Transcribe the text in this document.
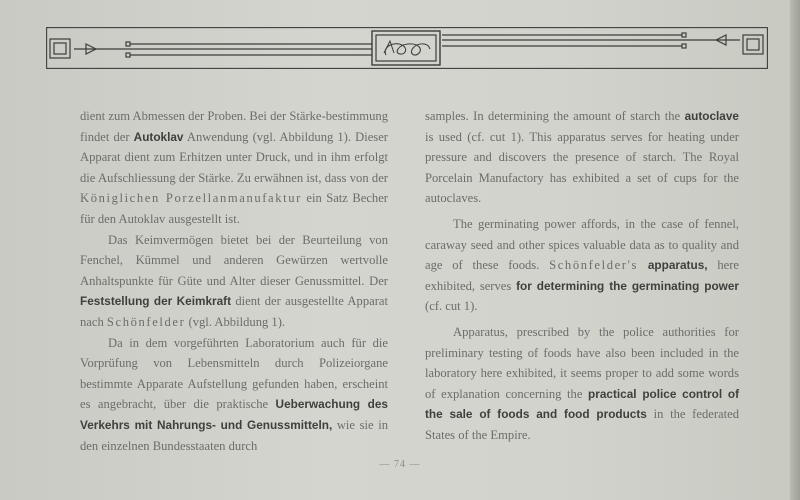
dient zum Abmessen der Proben. Bei der Stärke-bestimmung findet der Autoklav Anwendung (vgl. Abbildung 1). Dieser Apparat dient zum Erhitzen unter Druck, und in ihm erfolgt die Aufschliessung der Stärke. Zu erwähnen ist, dass von der Königlichen Porzellanmanufaktur ein Satz Becher für den Autoklav ausgestellt ist.

Das Keimvermögen bietet bei der Beurteilung von Fenchel, Kümmel und anderen Gewürzen wertvolle Anhaltspunkte für Güte und Alter dieser Genussmittel. Der Feststellung der Keimkraft dient der ausgestellte Apparat nach Schönfelder (vgl. Abbildung 1).

Da in dem vorgeführten Laboratorium auch für die Vorprüfung von Lebensmitteln durch Polizeiorgane bestimmte Apparate Aufstellung gefunden haben, erscheint es angebracht, über die praktische Ueberwachung des Verkehrs mit Nahrungs- und Genussmitteln, wie sie in den einzelnen Bundesstaaten durch

samples. In determining the amount of starch the autoclave is used (cf. cut 1). This apparatus serves for heating under pressure and discovers the presence of starch. The Royal Porcelain Manufactory has exhibited a set of cups for the autoclaves.

The germinating power affords, in the case of fennel, caraway seed and other spices valuable data as to quality and age of these foods. Schönfelder's apparatus, here exhibited, serves for determining the germinating power (cf. cut 1).

Apparatus, prescribed by the police authorities for preliminary testing of foods have also been included in the laboratory here exhibited, it seems proper to add some words of explanation concerning the practical police control of the sale of foods and food products in the federated States of the Empire.

— 74 —
